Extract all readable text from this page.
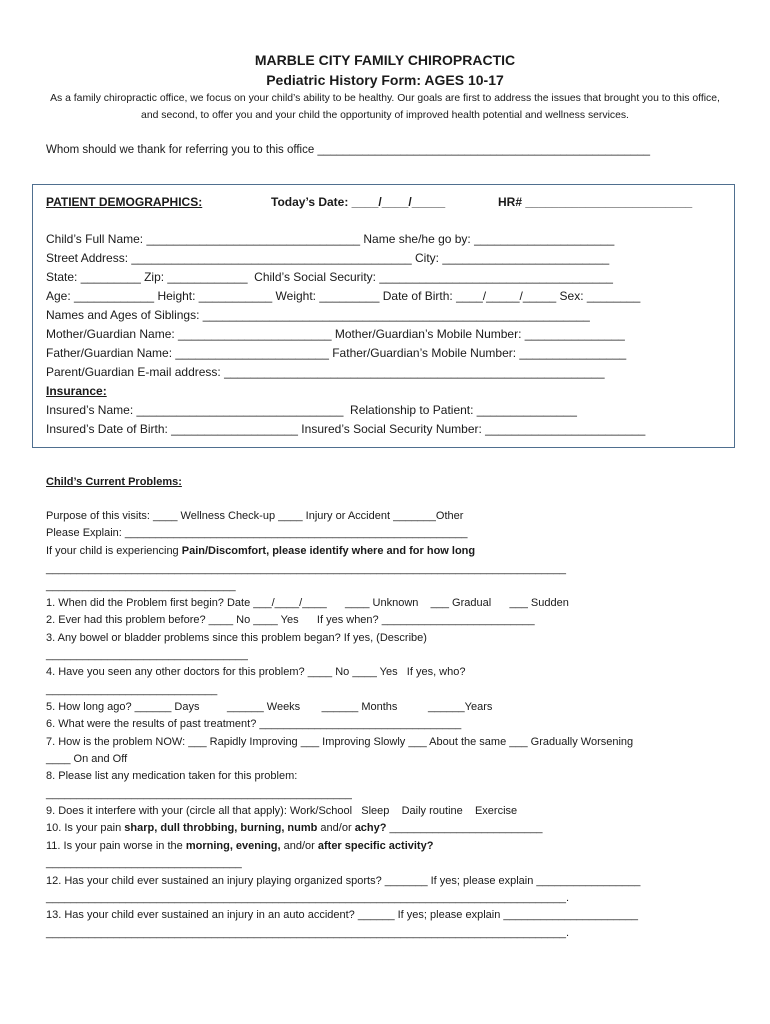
MARBLE CITY FAMILY CHIROPRACTIC
Pediatric History Form: AGES 10-17
As a family chiropractic office, we focus on your child’s ability to be healthy. Our goals are first to address the issues that brought you to this office, and second, to offer you and your child the opportunity of improved health potential and wellness services.
Whom should we thank for referring you to this office ____________________________________________________
PATIENT DEMOGRAPHICS:	Today’s Date: ____/____/_____	HR# _________________________
Child’s Full Name: ________________________________ Name she/he go by: _____________________
Street Address: __________________________________________ City: _________________________
State: _________ Zip: ____________  Child’s Social Security: ___________________________________
Age: ____________ Height: ___________ Weight: _________ Date of Birth: ____/_____/_____ Sex: ________
Names and Ages of Siblings: __________________________________________________________
Mother/Guardian Name: _______________________ Mother/Guardian’s Mobile Number: _______________
Father/Guardian Name: _______________________ Father/Guardian’s Mobile Number: ________________
Parent/Guardian E-mail address: _________________________________________________________
Insurance:
Insured’s Name: _______________________________  Relationship to Patient: _______________
Insured’s Date of Birth: ___________________ Insured’s Social Security Number: ________________________
Child’s Current Problems:
Purpose of this visits: ____ Wellness Check-up ____ Injury or Accident _______Other
Please Explain: ________________________________________________________
If your child is experiencing Pain/Discomfort, please identify where and for how long
_____________________________________________________________________________________
_______________________________
1. When did the Problem first begin? Date ___/____/____      ____ Unknown    ___ Gradual      ___ Sudden
2. Ever had this problem before? ____ No ____ Yes      If yes when? _________________________
3. Any bowel or bladder problems since this problem began? If yes, (Describe)
_________________________________
4. Have you seen any other doctors for this problem? ____ No ____ Yes   If yes, who?
____________________________
5. How long ago? ______ Days         ______ Weeks       ______ Months          ______Years
6. What were the results of past treatment? _________________________________
7. How is the problem NOW: ___ Rapidly Improving ___ Improving Slowly ___ About the same ___ Gradually Worsening
____ On and Off
8. Please list any medication taken for this problem:
__________________________________________________
9. Does it interfere with your (circle all that apply): Work/School   Sleep    Daily routine    Exercise
10. Is your pain sharp, dull throbbing, burning, numb and/or achy? _________________________
11. Is your pain worse in the morning, evening, and/or after specific activity?
________________________________
12. Has your child ever sustained an injury playing organized sports? _______ If yes; please explain _________________
_____________________________________________________________________________________.
13. Has your child ever sustained an injury in an auto accident? ______ If yes; please explain ______________________
_____________________________________________________________________________________.
